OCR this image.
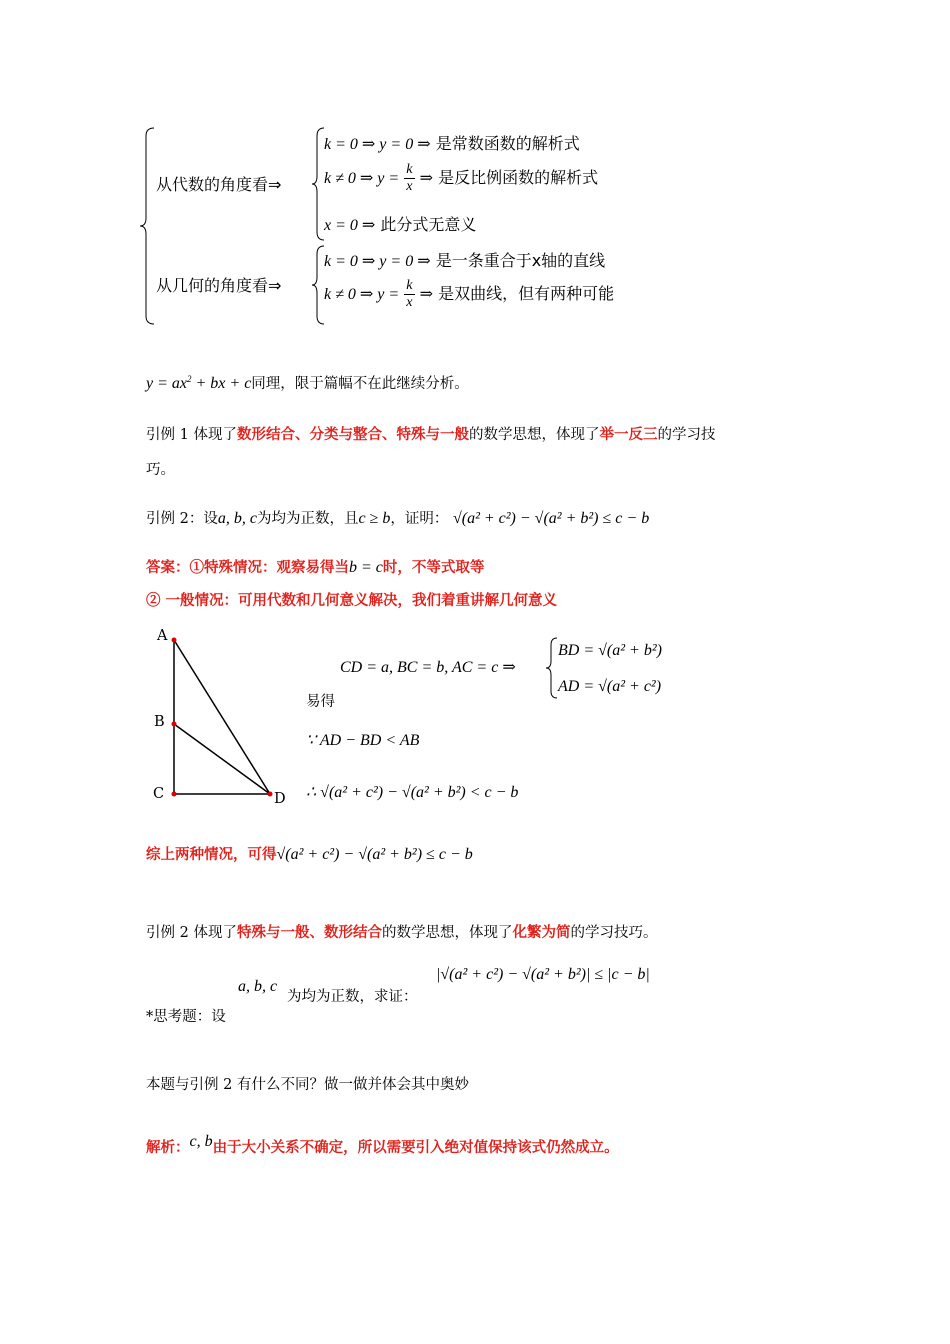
从代数的角度看⇒
从几何的角度看⇒
k = 0 ⇒ y = 0 ⇒ 是常数函数的解析式
k ≠ 0 ⇒ $y = \frac{k}{x}$ ⇒ 是反比例函数的解析式
x = 0 ⇒ 此分式无意义
k = 0 ⇒ y = 0 ⇒ 是一条重合于x轴的直线
k ≠ 0 ⇒ $y = \frac{k}{x}$ ⇒ 是双曲线，但有两种可能
$y = ax^2$ + bx + c同理，限于篇幅不在此继续分析。
引例 1 体现了数形结合、分类与整合、特殊与一般的数学思想，体现了举一反三的学习技
巧。
引例 2：设a, b, c为均为正数，且c ≥ b，证明： √(a² + c²) − √(a² + b²) ≤ c − b
答案：①特殊情况：观察易得当b = c时，不等式取等
② 一般情况：可用代数和几何意义解决，我们着重讲解几何意义
A
B
C	D
CD = a, BC = b, AC = c ⇒
BD = √(a² + b²)
AD = √(a² + c²)
易得
∵ AD − BD < AB
∴ √(a² + c²) − √(a² + b²) < c − b
综上两种情况，可得√(a² + c²) − √(a² + b²) ≤ c − b
引例 2 体现了特殊与一般、数形结合的数学思想，体现了化繁为简的学习技巧。
a, b, c
为均为正数，求证：
|√(a² + c²) − √(a² + b²)| ≤ |c − b|
*思考题：设
本题与引例 2 有什么不同？做一做并体会其中奥妙
解析：c, b由于大小关系不确定，所以需要引入绝对值保持该式仍然成立。
